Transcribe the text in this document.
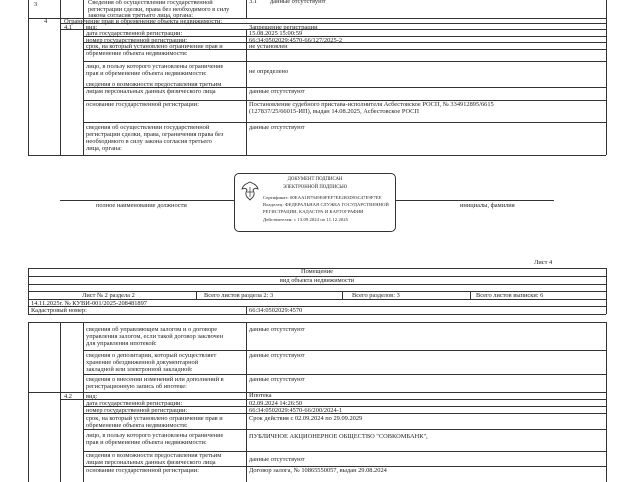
3	3.1
Сведения об осуществлении государственной
регистрации сделки, права без необходимого в силу
закона согласия третьего лица, органа:
данные отсутствуют
4	Ограничение прав и обременение объекта недвижимости:
4.1 вид:	Запрещение регистрации
дата государственной регистрации:	15.08.2025 15:00:59
номер государственной регистрации:	66:34:0502029:4570-66/127/2025-2
срок, на который установлено ограничение прав и
обременение объекта недвижимости:
не установлен
лицо, в пользу которого установлены ограничение
прав и обременение объекта недвижимости:	не определено
сведения о возможности предоставления третьим
лицам персональных данных физического лица	данные отсутствуют
основание государственной регистрации:	Постановление судебного пристава-исполнителя Асбестовское РОСП, № 334912895/6615
(127837/25/66015-ИП), выдан 14.08.2025, Асбестовское РОСП
сведения об осуществлении государственной
регистрации сделки, права, ограничения права без
необходимого в силу закона согласия третьего
лица, органа:
данные отсутствуют
полное наименование должности	инициалы, фамилия
ДОКУМЕНТ ПОДПИСАН
ЭЛЕКТРОННОЙ ПОДПИСЬЮ
Сертификат: 00ЕАА1В7949Е0FEF7EE2В3D93С47Е9F7ЕЕ
Владелец: ФЕДЕРАЛЬНАЯ СЛУЖБА ГОСУДАРСТВЕННОЙ
РЕГИСТРАЦИИ, КАДАСТРА И КАРТОГРАФИИ
Действителен: с 13.09.2024 по 11.12.2025
Лист 4
Помещение
вид объекта недвижимости
Лист № 2 раздела 2	Всего листов раздела 2: 3	Всего разделов: 3	Всего листов выписки: 6
14.11.2025г. № КУВИ-001/2025-208481897
Кадастровый номер:	66:34:0502029:4570
сведения об управляющем залогом и о договоре
управления залогом, если такой договор заключен
для управления ипотекой:
данные отсутствуют
сведения о депозитарии, который осуществляет
хранение обездвиженной документарной
закладной или электронной закладной:
данные отсутствуют
сведения о внесении изменений или дополнений в
регистрационную запись об ипотеке:
данные отсутствуют
4.2 вид:	Ипотека
дата государственной регистрации:	02.09.2024 14:26:50
номер государственной регистрации:	66:34:0502029:4570-66/200/2024-1
срок, на который установлено ограничение прав и
обременение объекта недвижимости:
Срок действия с 02.09.2024 по 29.09.2029
лицо, в пользу которого установлены ограничение
прав и обременение объекта недвижимости:
ПУБЛИЧНОЕ АКЦИОНЕРНОЕ ОБЩЕСТВО "СОВКОМБАНК",
сведения о возможности предоставления третьим
лицам персональных данных физического лица	данные отсутствуют
основание государственной регистрации:	Договор залога, № 10865550057, выдан 29.08.2024
